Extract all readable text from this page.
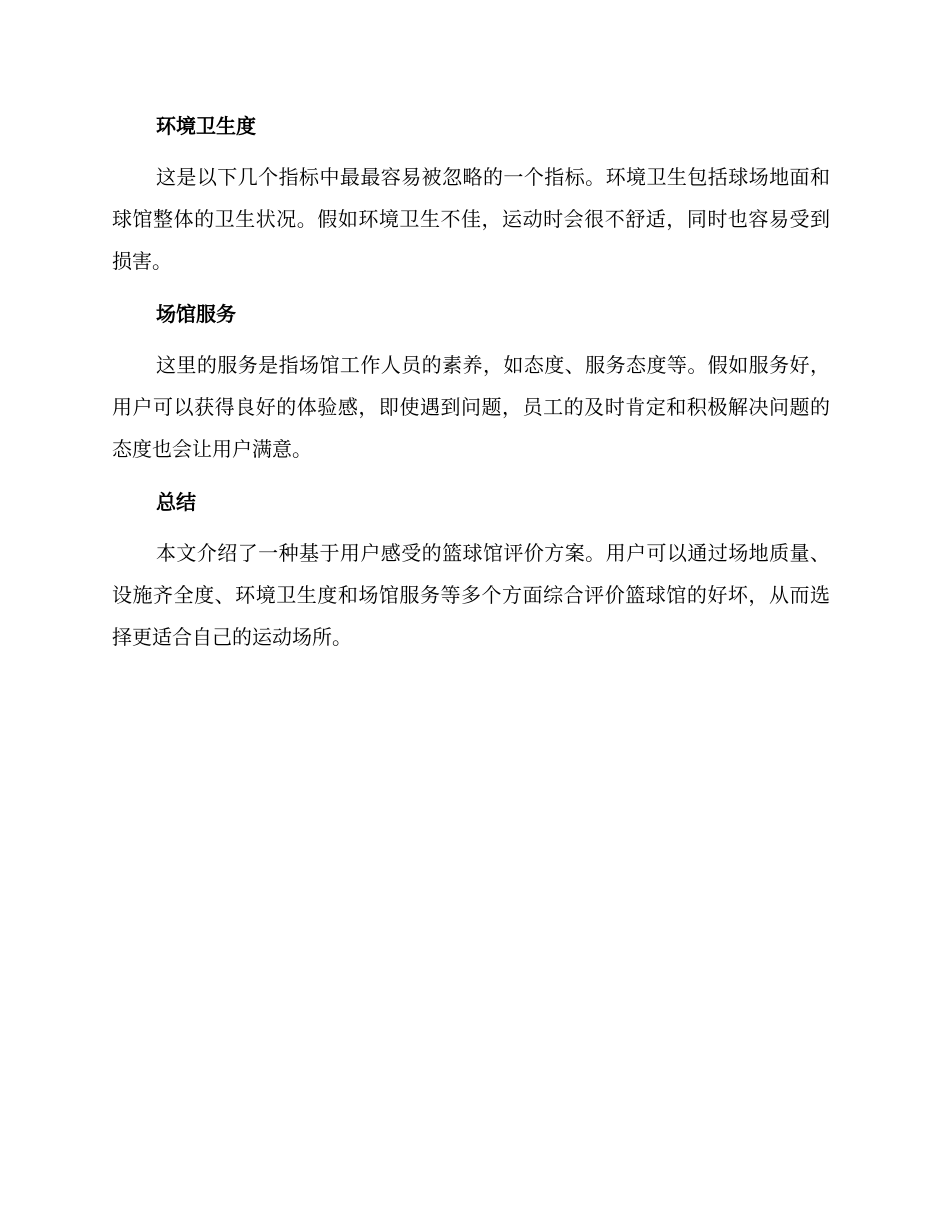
环境卫生度

这是以下几个指标中最最容易被忽略的一个指标。环境卫生包括球场地面和球馆整体的卫生状况。假如环境卫生不佳，运动时会很不舒适，同时也容易受到损害。

场馆服务

这里的服务是指场馆工作人员的素养，如态度、服务态度等。假如服务好，用户可以获得良好的体验感，即使遇到问题，员工的及时肯定和积极解决问题的态度也会让用户满意。

总结

本文介绍了一种基于用户感受的篮球馆评价方案。用户可以通过场地质量、设施齐全度、环境卫生度和场馆服务等多个方面综合评价篮球馆的好坏，从而选择更适合自己的运动场所。
